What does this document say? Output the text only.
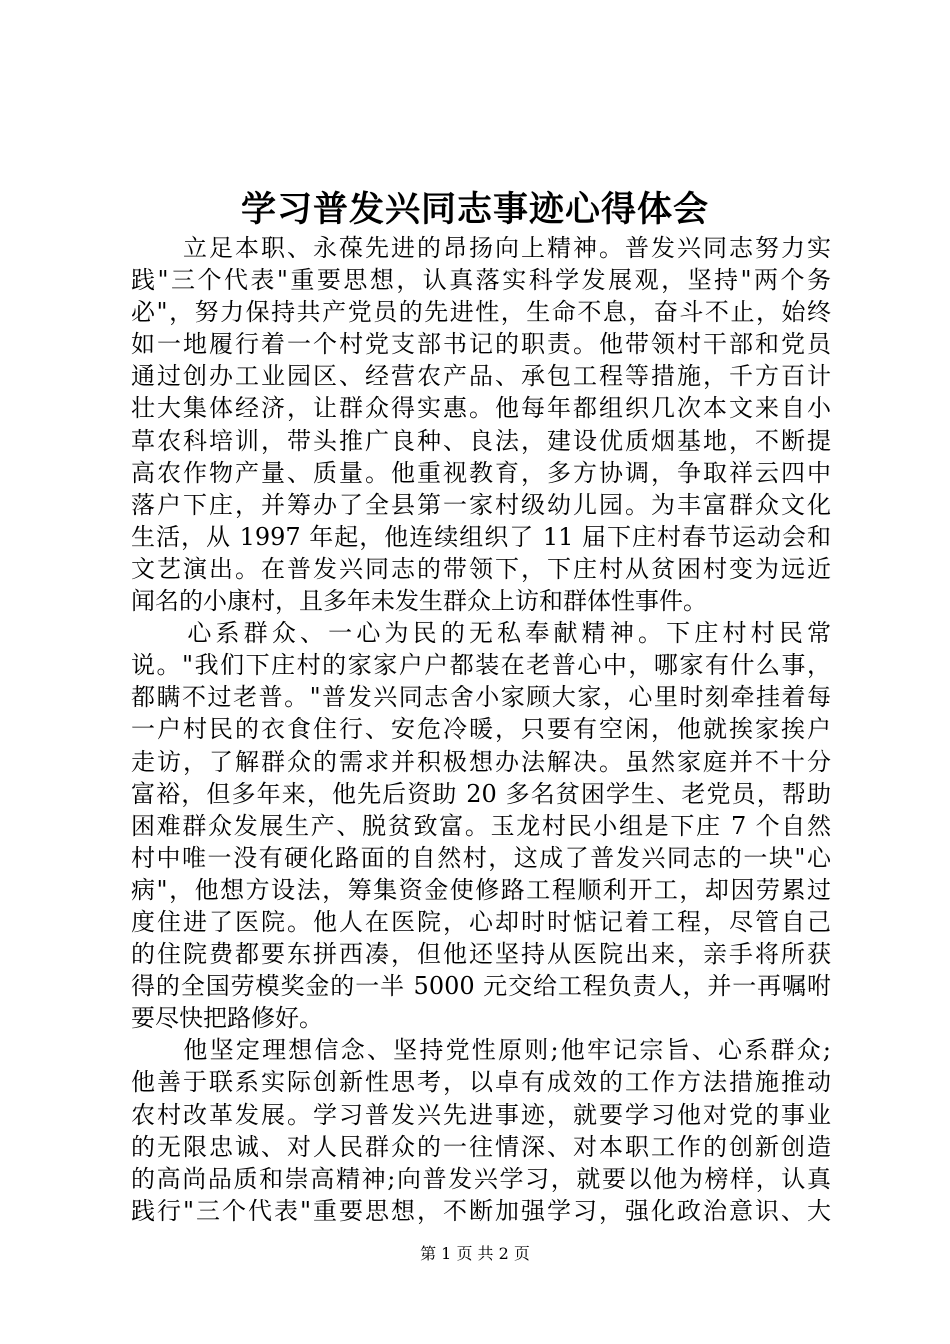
学习普发兴同志事迹心得体会
　　立足本职、永葆先进的昂扬向上精神。普发兴同志努力实
践"三个代表"重要思想，认真落实科学发展观，坚持"两个务
必"，努力保持共产党员的先进性，生命不息，奋斗不止，始终
如一地履行着一个村党支部书记的职责。他带领村干部和党员
通过创办工业园区、经营农产品、承包工程等措施，千方百计
壮大集体经济，让群众得实惠。他每年都组织几次本文来自小
草农科培训，带头推广良种、良法，建设优质烟基地，不断提
高农作物产量、质量。他重视教育，多方协调，争取祥云四中
落户下庄，并筹办了全县第一家村级幼儿园。为丰富群众文化
生活，从 1997 年起，他连续组织了 11 届下庄村春节运动会和
文艺演出。在普发兴同志的带领下，下庄村从贫困村变为远近
闻名的小康村，且多年未发生群众上访和群体性事件。
　　心系群众、一心为民的无私奉献精神。下庄村村民常
说。"我们下庄村的家家户户都装在老普心中，哪家有什么事，
都瞒不过老普。"普发兴同志舍小家顾大家，心里时刻牵挂着每
一户村民的衣食住行、安危冷暖，只要有空闲，他就挨家挨户
走访，了解群众的需求并积极想办法解决。虽然家庭并不十分
富裕，但多年来，他先后资助 20 多名贫困学生、老党员，帮助
困难群众发展生产、脱贫致富。玉龙村民小组是下庄 7 个自然
村中唯一没有硬化路面的自然村，这成了普发兴同志的一块"心
病"，他想方设法，筹集资金使修路工程顺利开工，却因劳累过
度住进了医院。他人在医院，心却时时惦记着工程，尽管自己
的住院费都要东拼西凑，但他还坚持从医院出来，亲手将所获
得的全国劳模奖金的一半 5000 元交给工程负责人，并一再嘱咐
要尽快把路修好。
　　他坚定理想信念、坚持党性原则;他牢记宗旨、心系群众;
他善于联系实际创新性思考，以卓有成效的工作方法措施推动
农村改革发展。学习普发兴先进事迹，就要学习他对党的事业
的无限忠诚、对人民群众的一往情深、对本职工作的创新创造
的高尚品质和崇高精神;向普发兴学习，就要以他为榜样，认真
践行"三个代表"重要思想，不断加强学习，强化政治意识、大
第 1 页 共 2 页
